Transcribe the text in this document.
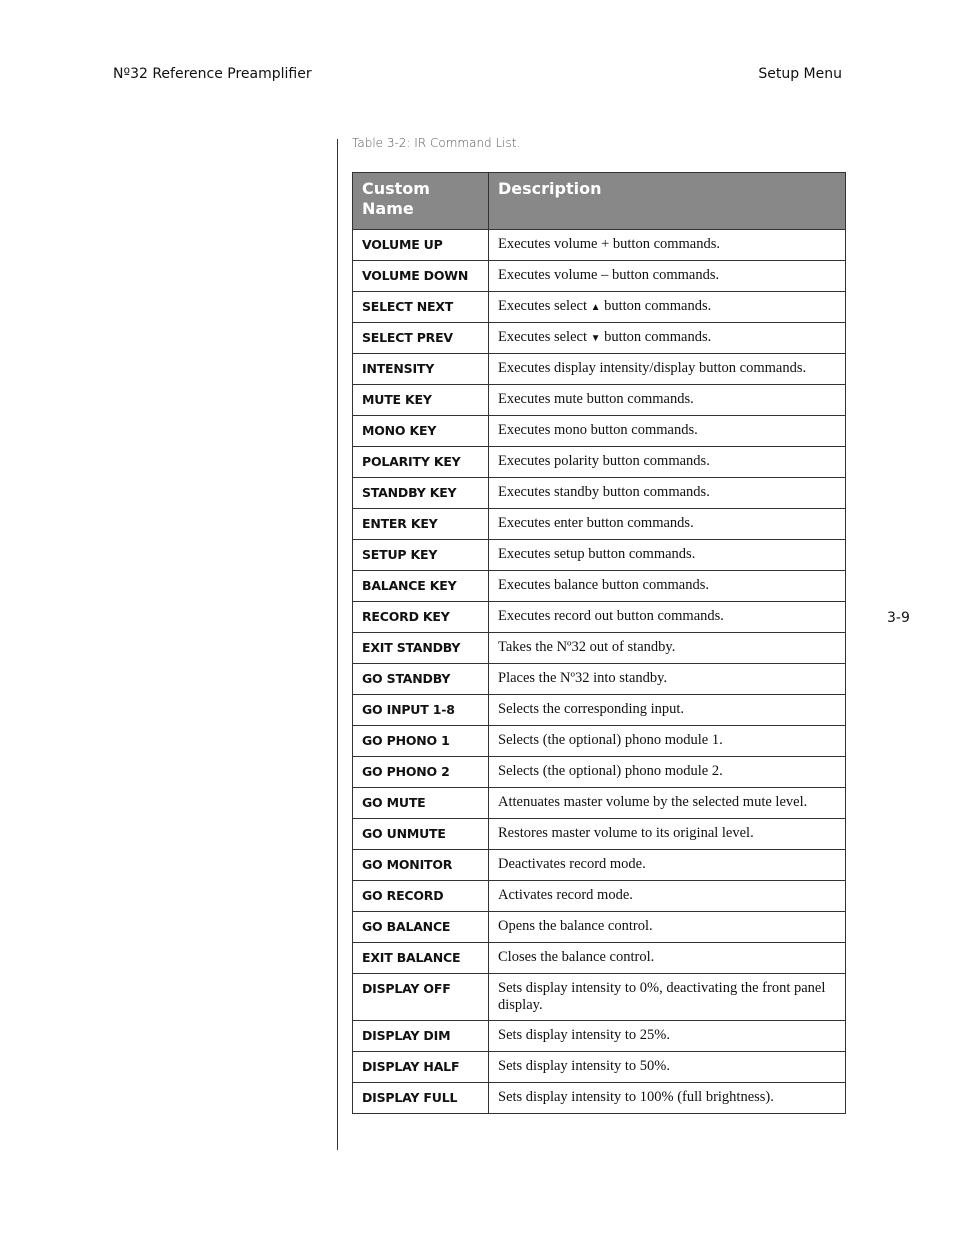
Nº32 Reference Preamplifier	Setup Menu
Table 3-2: IR Command List.
Custom Name	Description
VOLUME UP	Executes volume + button commands.
VOLUME DOWN	Executes volume – button commands.
SELECT NEXT	Executes select ▲ button commands.
SELECT PREV	Executes select ▼ button commands.
INTENSITY	Executes display intensity/display button commands.
MUTE KEY	Executes mute button commands.
MONO KEY	Executes mono button commands.
POLARITY KEY	Executes polarity button commands.
STANDBY KEY	Executes standby button commands.
ENTER KEY	Executes enter button commands.
SETUP KEY	Executes setup button commands.
BALANCE KEY	Executes balance button commands.
RECORD KEY	Executes record out button commands.
EXIT STANDBY	Takes the Nº32 out of standby.
GO STANDBY	Places the Nº32 into standby.
GO INPUT 1-8	Selects the corresponding input.
GO PHONO 1	Selects (the optional) phono module 1.
GO PHONO 2	Selects (the optional) phono module 2.
GO MUTE	Attenuates master volume by the selected mute level.
GO UNMUTE	Restores master volume to its original level.
GO MONITOR	Deactivates record mode.
GO RECORD	Activates record mode.
GO BALANCE	Opens the balance control.
EXIT BALANCE	Closes the balance control.
DISPLAY OFF	Sets display intensity to 0%, deactivating the front panel display.
DISPLAY DIM	Sets display intensity to 25%.
DISPLAY HALF	Sets display intensity to 50%.
DISPLAY FULL	Sets display intensity to 100% (full brightness).
3-9
